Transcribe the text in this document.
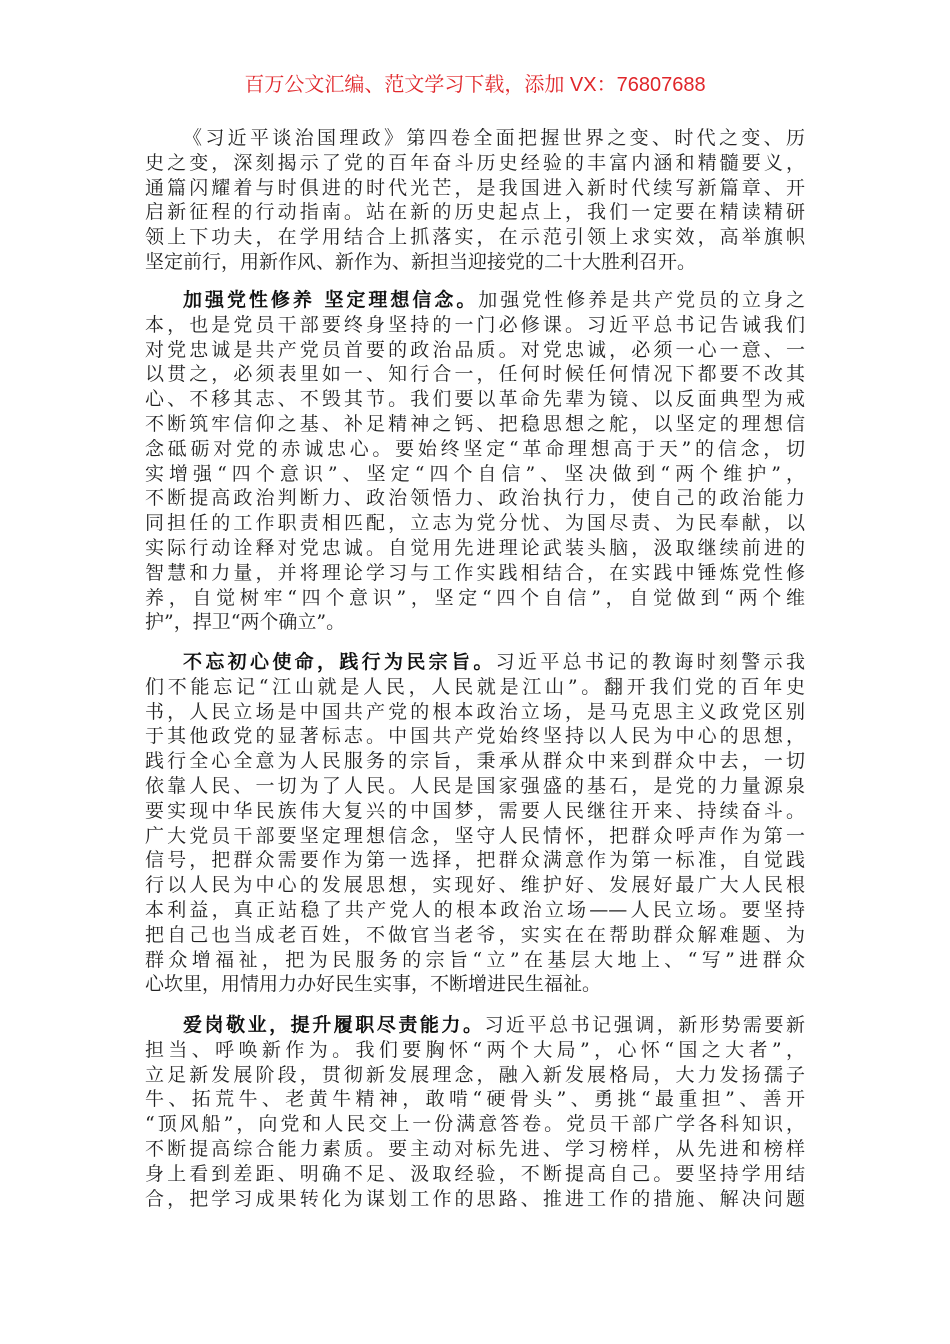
百万公文汇编、范文学习下载，添加 VX：76807688
《习近平谈治国理政》第四卷全面把握世界之变、时代之变、历
史之变，深刻揭示了党的百年奋斗历史经验的丰富内涵和精髓要义，
通篇闪耀着与时俱进的时代光芒，是我国进入新时代续写新篇章、开
启新征程的行动指南。站在新的历史起点上，我们一定要在精读精研
领上下功夫，在学用结合上抓落实，在示范引领上求实效，高举旗帜
坚定前行，用新作风、新作为、新担当迎接党的二十大胜利召开。
加强党性修养 坚定理想信念。加强党性修养是共产党员的立身之
本，也是党员干部要终身坚持的一门必修课。习近平总书记告诫我们
对党忠诚是共产党员首要的政治品质。对党忠诚，必须一心一意、一
以贯之，必须表里如一、知行合一，任何时候任何情况下都要不改其
心、不移其志、不毁其节。我们要以革命先辈为镜、以反面典型为戒
不断筑牢信仰之基、补足精神之钙、把稳思想之舵，以坚定的理想信
念砥砺对党的赤诚忠心。要始终坚定“革命理想高于天”的信念，切
实增强“四个意识”、坚定“四个自信”、坚决做到“两个维护”，
不断提高政治判断力、政治领悟力、政治执行力，使自己的政治能力
同担任的工作职责相匹配，立志为党分忧、为国尽责、为民奉献，以
实际行动诠释对党忠诚。自觉用先进理论武装头脑，汲取继续前进的
智慧和力量，并将理论学习与工作实践相结合，在实践中锤炼党性修
养，自觉树牢“四个意识”，坚定“四个自信”，自觉做到“两个维
护”，捍卫“两个确立”。
不忘初心使命，践行为民宗旨。习近平总书记的教诲时刻警示我
们不能忘记“江山就是人民，人民就是江山”。翻开我们党的百年史
书，人民立场是中国共产党的根本政治立场，是马克思主义政党区别
于其他政党的显著标志。中国共产党始终坚持以人民为中心的思想，
践行全心全意为人民服务的宗旨，秉承从群众中来到群众中去，一切
依靠人民、一切为了人民。人民是国家强盛的基石，是党的力量源泉
要实现中华民族伟大复兴的中国梦，需要人民继往开来、持续奋斗。
广大党员干部要坚定理想信念，坚守人民情怀，把群众呼声作为第一
信号，把群众需要作为第一选择，把群众满意作为第一标准，自觉践
行以人民为中心的发展思想，实现好、维护好、发展好最广大人民根
本利益，真正站稳了共产党人的根本政治立场——人民立场。要坚持
把自己也当成老百姓，不做官当老爷，实实在在帮助群众解难题、为
群众增福祉，把为民服务的宗旨“立”在基层大地上、“写”进群众
心坎里，用情用力办好民生实事，不断增进民生福祉。
爱岗敬业，提升履职尽责能力。习近平总书记强调，新形势需要新
担当、呼唤新作为。我们要胸怀“两个大局”，心怀“国之大者”，
立足新发展阶段，贯彻新发展理念，融入新发展格局，大力发扬孺子
牛、拓荒牛、老黄牛精神，敢啃“硬骨头”、勇挑“最重担”、善开
“顶风船”，向党和人民交上一份满意答卷。党员干部广学各科知识，
不断提高综合能力素质。要主动对标先进、学习榜样，从先进和榜样
身上看到差距、明确不足、汲取经验，不断提高自己。要坚持学用结
合，把学习成果转化为谋划工作的思路、推进工作的措施、解决问题
